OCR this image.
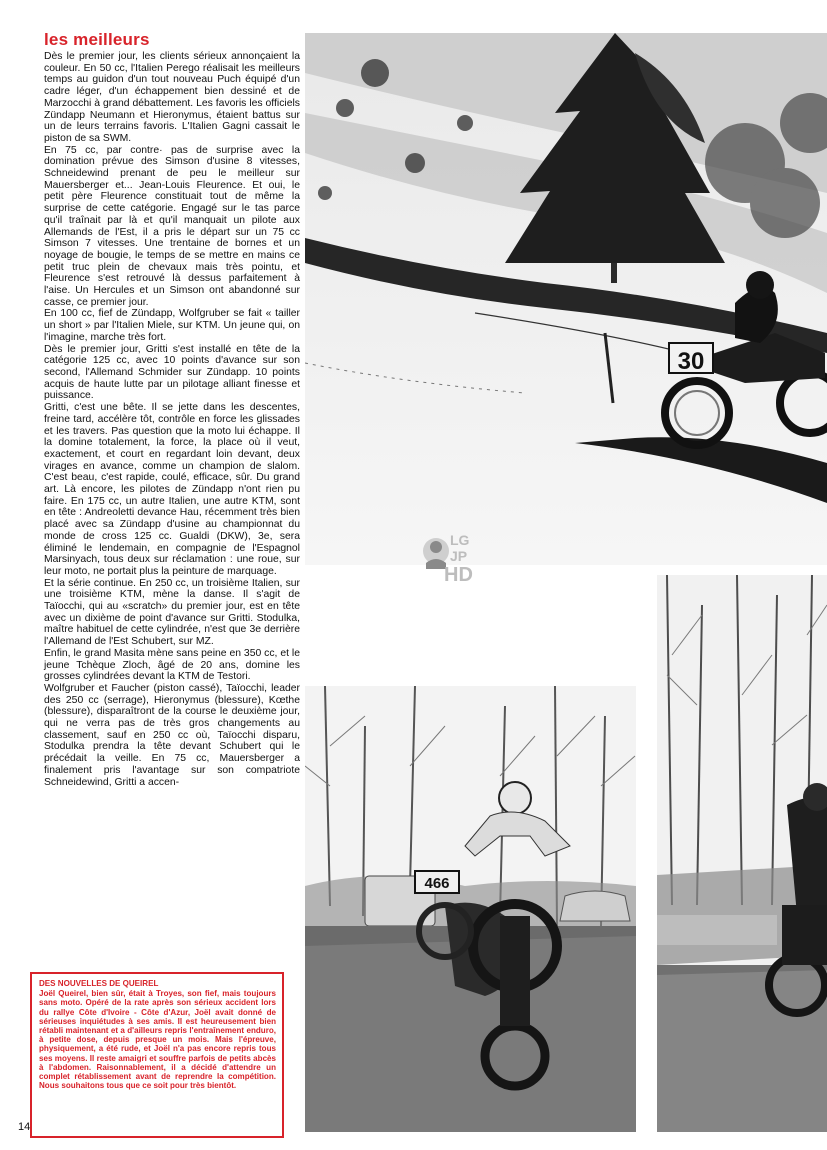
les meilleurs

Dès le premier jour, les clients sérieux annonçaient la couleur. En 50 cc, l'Italien Perego réalisait les meilleurs temps au guidon d'un tout nouveau Puch équipé d'un cadre léger, d'un échappement bien dessiné et de Marzocchi à grand débattement. Les favoris les officiels Zündapp Neumann et Hieronymus, étaient battus sur un de leurs terrains favoris. L'Italien Gagni cassait le piston de sa SWM.

En 75 cc, par contre· pas de surprise avec la domination prévue des Simson d'usine 8 vitesses, Schneidewind prenant de peu le meilleur sur Mauersberger et... Jean-Louis Fleurence. Et oui, le petit père Fleurence constituait tout de même la surprise de cette catégorie. Engagé sur le tas parce qu'il traînait par là et qu'il manquait un pilote aux Allemands de l'Est, il a pris le départ sur un 75 cc Simson 7 vitesses. Une trentaine de bornes et un noyage de bougie, le temps de se mettre en mains ce petit truc plein de chevaux mais très pointu, et Fleurence s'est retrouvé là dessus parfaitement à l'aise. Un Hercules et un Simson ont abandonné sur casse, ce premier jour.

En 100 cc, fief de Zündapp, Wolfgruber se fait « tailler un short » par l'Italien Miele, sur KTM. Un jeune qui, on l'imagine, marche très fort.

Dès le premier jour, Gritti s'est installé en tête de la catégorie 125 cc, avec 10 points d'avance sur son second, l'Allemand Schmider sur Zündapp. 10 points acquis de haute lutte par un pilotage alliant finesse et puissance.

Gritti, c'est une bête. Il se jette dans les descentes, freine tard, accélère tôt, contrôle en force les glissades et les travers. Pas question que la moto lui échappe. Il la domine totalement, la force, la place où il veut, exactement, et court en regardant loin devant, deux virages en avance, comme un champion de slalom. C'est beau, c'est rapide, coulé, efficace, sûr. Du grand art. Là encore, les pilotes de Zündapp n'ont rien pu faire. En 175 cc, un autre Italien, une autre KTM, sont en tête : Andreoletti devance Hau, récemment très bien placé avec sa Zündapp d'usine au championnat du monde de cross 125 cc. Gualdi (DKW), 3e, sera éliminé le lendemain, en compagnie de l'Espagnol Marsinyach, tous deux sur réclamation : une roue, sur leur moto, ne portait plus la peinture de marquage.

Et la série continue. En 250 cc, un troisième Italien, sur une troisième KTM, mène la danse. Il s'agit de Taïocchi, qui au «scratch» du premier jour, est en tête avec un dixième de point d'avance sur Gritti. Stodulka, maître habituel de cette cylindrée, n'est que 3e derrière l'Allemand de l'Est Schubert, sur MZ.

Enfin, le grand Masita mène sans peine en 350 cc, et le jeune Tchèque Zloch, âgé de 20 ans, domine les grosses cylindrées devant la KTM de Testori.

Wolfgruber et Faucher (piston cassé), Taïocchi, leader des 250 cc (serrage), Hieronymus (blessure), Kœthe (blessure), disparaîtront de la course le deuxième jour, qui ne verra pas de très gros changements au classement, sauf en 250 cc où, Taïocchi disparu, Stodulka prendra la tête devant Schubert qui le précédait la veille. En 75 cc, Mauersberger a finalement pris l'avantage sur son compatriote Schneidewind, Gritti a accen-

DES NOUVELLES DE QUEIREL

Joël Queirel, bien sûr, était à Troyes, son fief, mais toujours sans moto. Opéré de la rate après son sérieux accident lors du rallye Côte d'Ivoire - Côte d'Azur, Joël avait donné de sérieuses inquiétudes à ses amis. Il est heureusement bien rétabli maintenant et a d'ailleurs repris l'entraînement enduro, à petite dose, depuis presque un mois. Mais l'épreuve, physiquement, a été rude, et Joël n'a pas encore repris tous ses moyens. Il reste amaigri et souffre parfois de petits abcès à l'abdomen. Raisonnablement, il a décidé d'attendre un complet rétablissement avant de reprendre la compétition. Nous souhaitons tous que ce soit pour très bientôt.

14
30
466
LG
JP
HD
